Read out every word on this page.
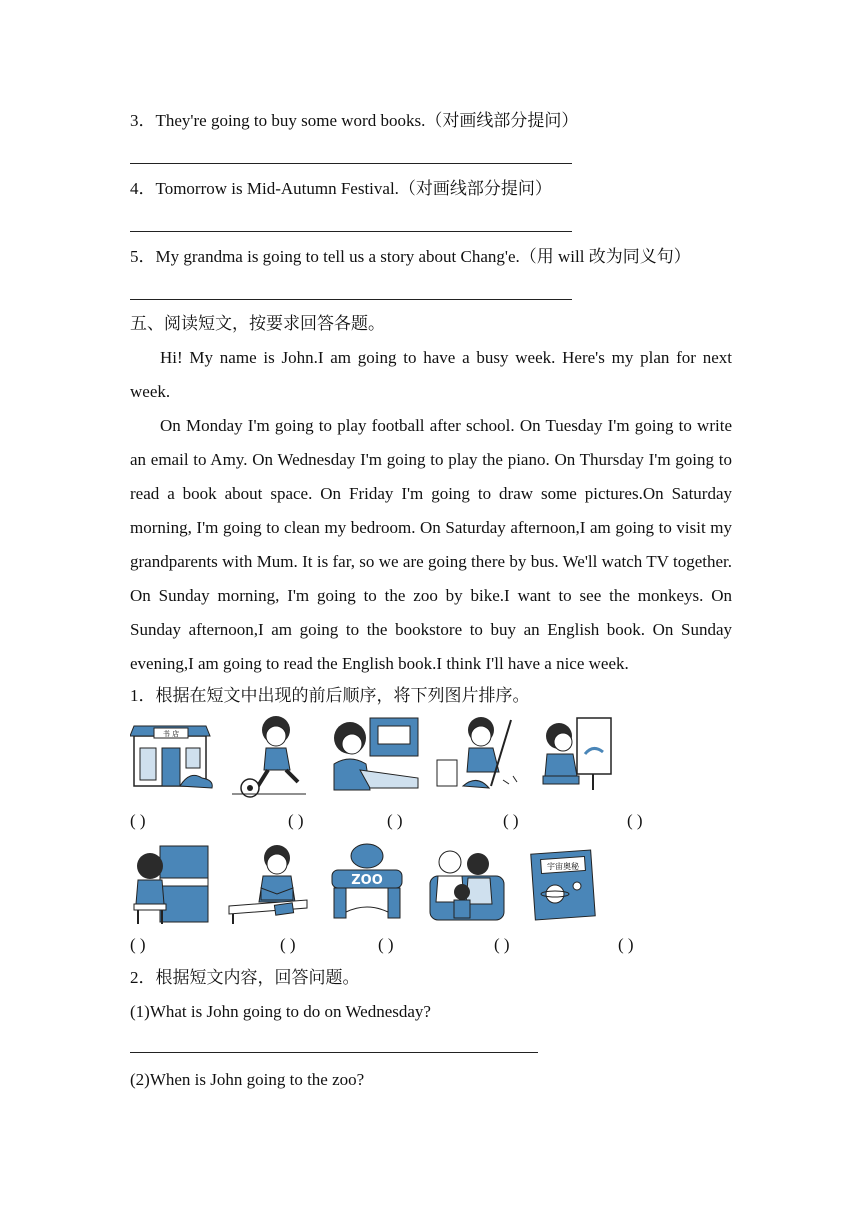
3．They're going to buy some word books.（对画线部分提问）
4．Tomorrow is Mid-Autumn Festival.（对画线部分提问）
5．My grandma is going to tell us a story about Chang'e.（用 will 改为同义句）
五、阅读短文，按要求回答各题。
Hi! My name is John.I am going to have a busy week. Here's my plan for next week.
On Monday I'm going to play football after school. On Tuesday I'm going to write an email to Amy. On Wednesday I'm going to play the piano. On Thursday I'm going to read a book about space. On Friday I'm going to draw some pictures.On Saturday morning, I'm going to clean my bedroom. On Saturday afternoon,I am going to visit my grandparents with Mum. It is far, so we are going there by bus. We'll watch TV together. On Sunday morning, I'm going to the zoo by bike.I want to see the monkeys. On Sunday afternoon,I am going to the bookstore to buy an English book. On Sunday evening,I am going to read the English book.I think I'll have a nice week.
1．根据在短文中出现的前后顺序，将下列图片排序。
书 店
( )	( )	( )	( )	( )
ZOO
宇宙奥秘
( )	( )	( )	( )	( )
2．根据短文内容，回答问题。
(1)What is John going to do on Wednesday?
(2)When is John going to the zoo?
